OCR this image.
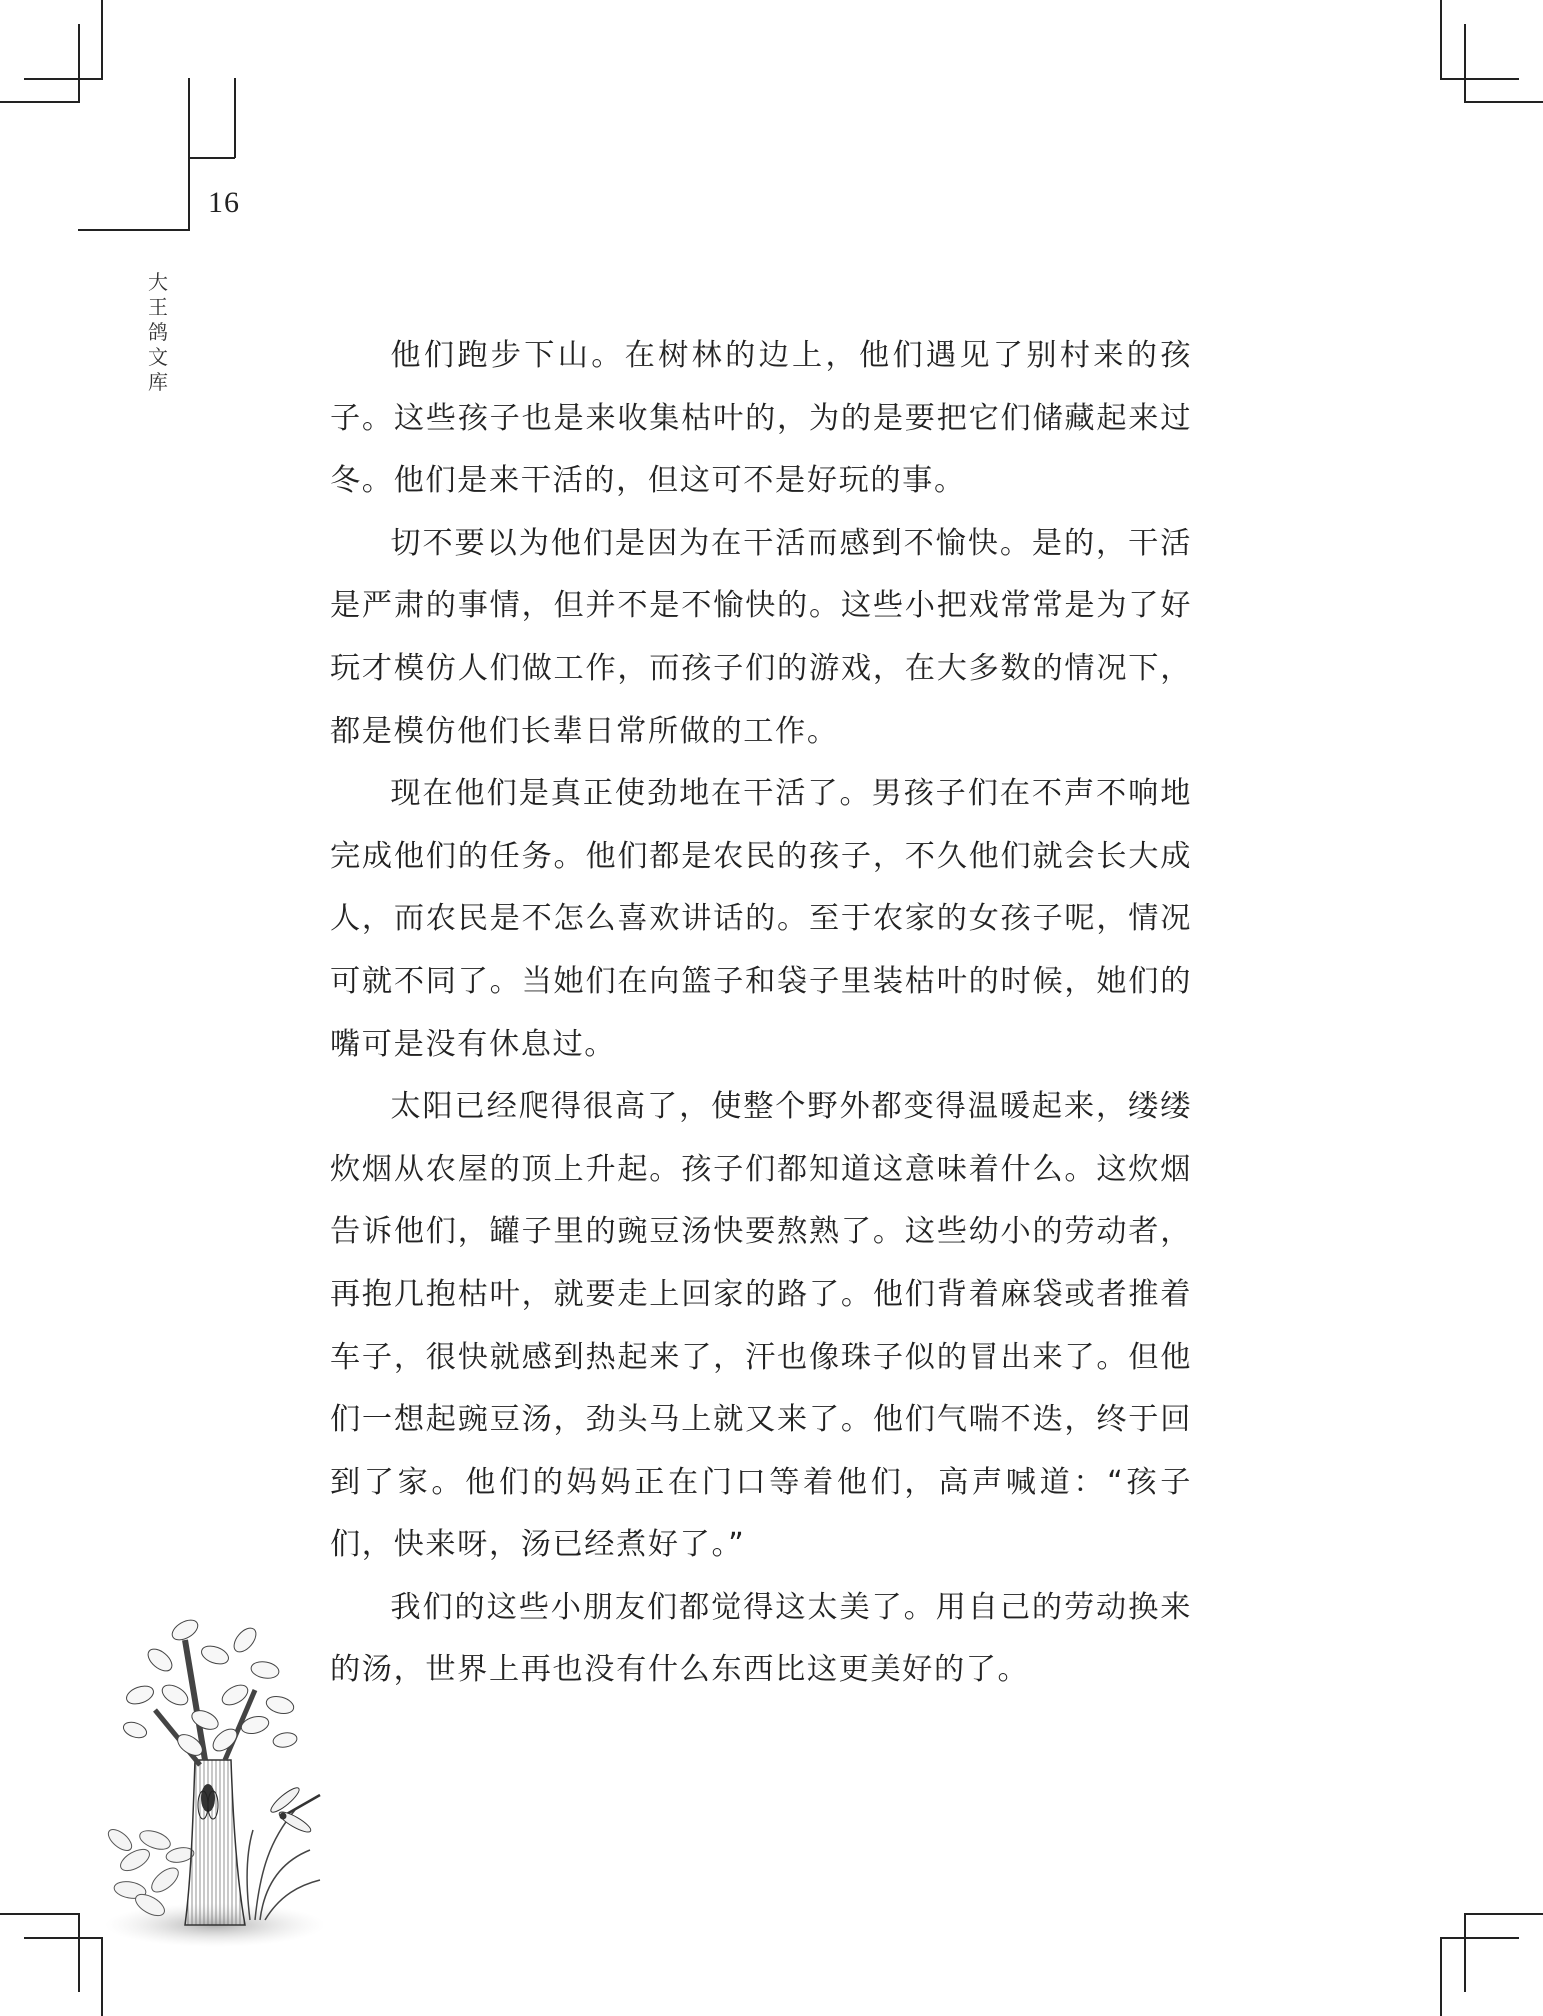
16
大王鸽文库

他们跑步下山。在树林的边上，他们遇见了别村来的孩子。这些孩子也是来收集枯叶的，为的是要把它们储藏起来过冬。他们是来干活的，但这可不是好玩的事。

切不要以为他们是因为在干活而感到不愉快。是的，干活是严肃的事情，但并不是不愉快的。这些小把戏常常是为了好玩才模仿人们做工作，而孩子们的游戏，在大多数的情况下，都是模仿他们长辈日常所做的工作。

现在他们是真正使劲地在干活了。男孩子们在不声不响地完成他们的任务。他们都是农民的孩子，不久他们就会长大成人，而农民是不怎么喜欢讲话的。至于农家的女孩子呢，情况可就不同了。当她们在向篮子和袋子里装枯叶的时候，她们的嘴可是没有休息过。

太阳已经爬得很高了，使整个野外都变得温暖起来，缕缕炊烟从农屋的顶上升起。孩子们都知道这意味着什么。这炊烟告诉他们，罐子里的豌豆汤快要熬熟了。这些幼小的劳动者，再抱几抱枯叶，就要走上回家的路了。他们背着麻袋或者推着车子，很快就感到热起来了，汗也像珠子似的冒出来了。但他们一想起豌豆汤，劲头马上就又来了。他们气喘不迭，终于回到了家。他们的妈妈正在门口等着他们，高声喊道：“孩子们，快来呀，汤已经煮好了。”

我们的这些小朋友们都觉得这太美了。用自己的劳动换来的汤，世界上再也没有什么东西比这更美好的了。
